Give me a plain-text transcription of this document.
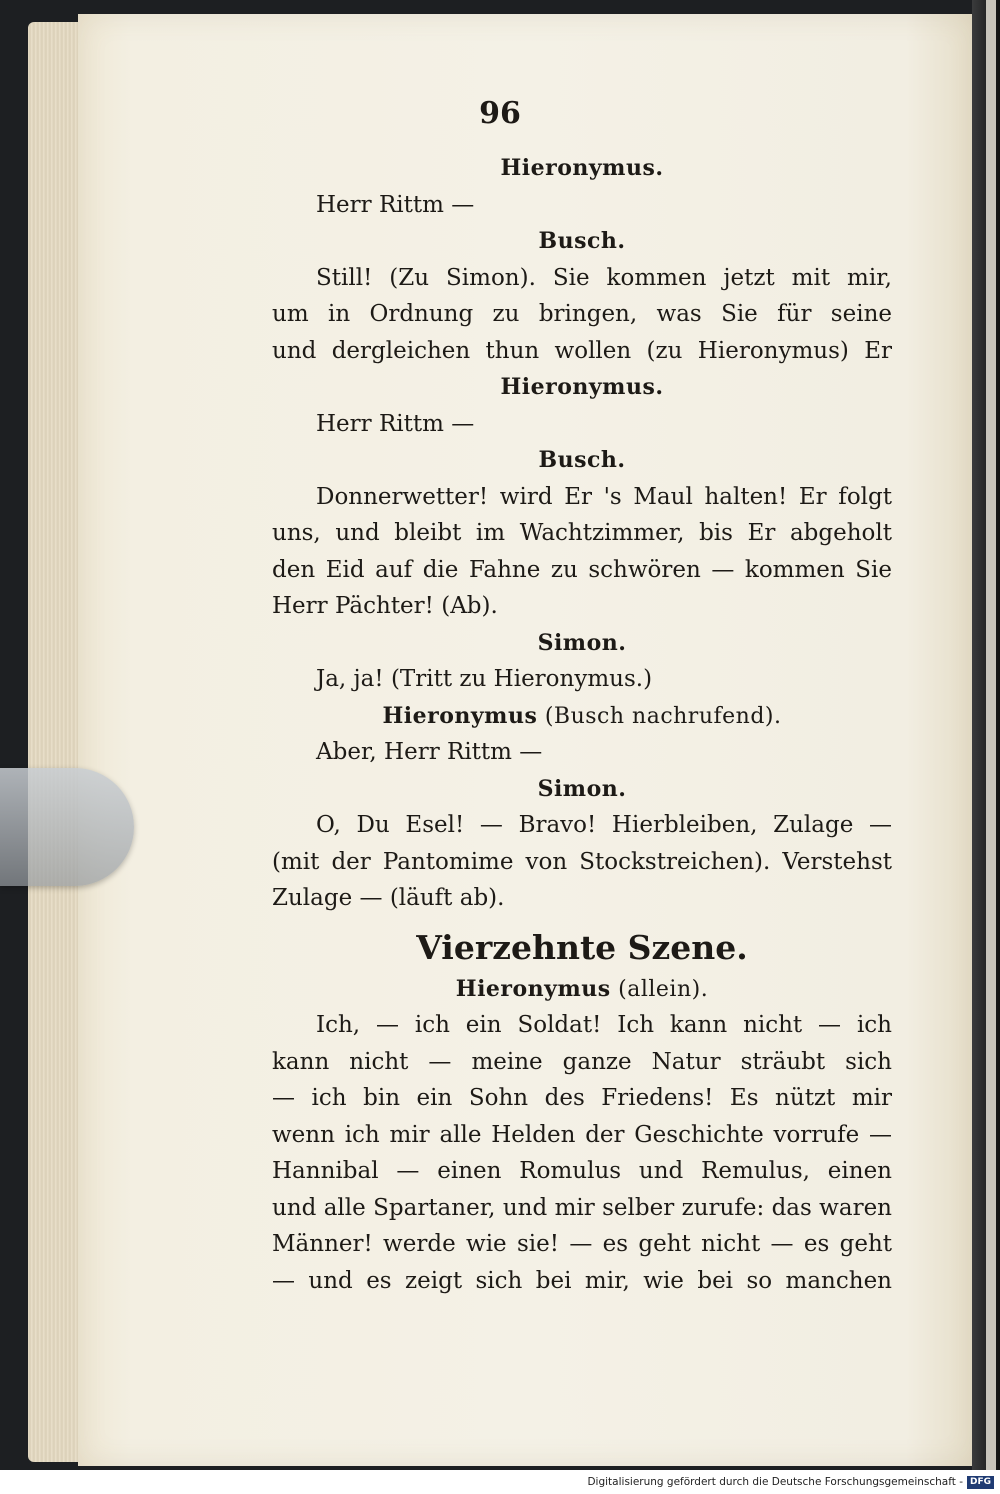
96
Hieronymus.
Herr Rittm —
Busch.
Still! (Zu Simon). Sie kommen jetzt mit mir,
um in Ordnung zu bringen, was Sie für seine
und dergleichen thun wollen (zu Hieronymus) Er
Hieronymus.
Herr Rittm —
Busch.
Donnerwetter! wird Er 's Maul halten! Er folgt
uns, und bleibt im Wachtzimmer, bis Er abgeholt
den Eid auf die Fahne zu schwören — kommen Sie
Herr Pächter! (Ab).
Simon.
Ja, ja! (Tritt zu Hieronymus.)
Hieronymus (Busch nachrufend).
Aber, Herr Rittm —
Simon.
O, Du Esel! — Bravo! Hierbleiben, Zulage —
(mit der Pantomime von Stockstreichen). Verstehst
Zulage — (läuft ab).
Vierzehnte Szene.
Hieronymus (allein).
Ich, — ich ein Soldat! Ich kann nicht — ich
kann nicht — meine ganze Natur sträubt sich
— ich bin ein Sohn des Friedens! Es nützt mir
wenn ich mir alle Helden der Geschichte vorrufe —
Hannibal — einen Romulus und Remulus, einen
und alle Spartaner, und mir selber zurufe: das waren
Männer! werde wie sie! — es geht nicht — es geht
— und es zeigt sich bei mir, wie bei so manchen
Digitalisierung gefördert durch die Deutsche Forschungsgemeinschaft - DFG
